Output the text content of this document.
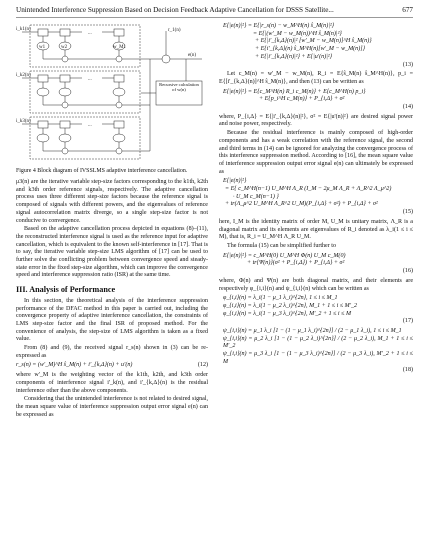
Unintended Interference Suppression Based on Decision Feedback Adaptive Cancellation for DSSS Satellite...	677
i_k1(n)
i_k2(n)
i_k3(n)
w1	w2	w_M1
...
...
...
r_1(n)
e(n)
Recursive calculation of w(n)

Figure 4 Block diagram of IVSSLMS adaptive interference cancellation.

μ3(n) are the iterative variable step-size factors corresponding to the k1th, k2th and k3th order reference signals, respectively. The adaptive cancellation process uses three different step-size factors because the reference signal is composed of signals with different powers, and the eigenvalues of reference signal autocorrelation matrix diverge, so a single step-size factor is not conducive to convergence.

Based on the adaptive cancellation process depicted in equations (8)–(11), the reconstructed interference signal is used as the reference input for adaptive cancellation, which is equivalent to the known self-interference in [17]. That is to say, the iterative variable step-size LMS algorithm of [17] can be used to further solve the conflicting problem between convergence speed and steady-state error in the fixed step-size algorithm, which can improve the convergence speed and interference suppression ratio (ISR) at the same time.

III. Analysis of Performance

In this section, the theoretical analysis of the interference suppression performance of the DFAC method in this paper is carried out, including the convergence property of adaptive interference cancellation, the constraints of LMS step-size factor and the final ISR of proposed method. For the convenience of analysis, the step-size of LMS algorithm is taken as a fixed value.

From (8) and (9), the received signal r_s(n) shown in (3) can be re-expressed as

r_s(n) = (w'_M)^H ŝ_M(n) + i'_{k,Δ}(n) + u'(n)	(12)

where w'_M is the weighting vector of the k1th, k2th, and k3th order components of interference signal i'_k(n), and i'_{k,Δ}(n) is the residual interference other than the above components.

Considering that the unintended interference is not related to desired signal, the mean square value of interference suppression output error signal e(n) can be expressed as

E{|e(n)|²} = E{|r_s(n) − w_M^H(n) ŝ_M(n)|²}
= E{|(w'_M − w_M(n))^H ŝ_M(n)|²}
+ E{|i'_{k,Δ}(n)|² [w'_M − w_M(n)]^H ŝ_M(n)}
+ E{i'_{k,Δ}(n) ŝ_M^H(n)[w'_M − w_M(n)]}
+ E{|i'_{k,Δ}(n)|²} + E{|u'(n)|²}
(13)

Let c_M(n) = w'_M − w_M(n), R_i = E{ŝ_M(n) ŝ_M^H(n)}, p_i = E{[i'_{k,Δ}(n)]^H ŝ_M(n)}, and then (13) can be written as

E{|e(n)|²} = E{c_M^H(n) R_i c_M(n)} + E{c_M^H(n) p_i}
+ E{p_i^H c_M(n)} + P_{i,Δ} + σ²
(14)

where, P_{i,Δ} = E{|i'_{k,Δ}(n)|²}, σ² = E{|u'(n)|²} are desired signal power and noise power, respectively.

Because the residual interference is mainly composed of high-order components and has a weak correlation with the reference signal, the second and third terms in (14) can be ignored for analyzing the convergence process of this interference suppression method. According to [16], the mean square value of interference suppression output error signal e(n) can ultimately be expressed as

E{|e(n)|²}
= E{ c_M^H(n−1) U_M^H Λ_R (I_M − 2μ_M Λ_R + Λ_R^2 Λ_μ^2)
· U_M c_M(n−1) }
+ tr(Λ_μ^2 U_M^H Λ_R^2 U_M)(P_{i,Δ} + σ²) + P_{i,Δ} + σ²
(15)

here, I_M is the identity matrix of order M, U_M is unitary matrix, Λ_R is a diagonal matrix and its elements are eigenvalues of R_i denoted as λ_i(1 ≤ i ≤ M), that is, R_i = U_M^H Λ_R U_M.

The formula (15) can be simplified further to

E{|e(n)|²} = c_M^H(0) U_M^H Φ(n) U_M c_M(0)
+ tr{Ψ(n)}(σ² + P_{i,Δ}) + P_{i,Δ} + σ²
(16)

where, Φ(n) and Ψ(n) are both diagonal matrix, and their elements are respectively φ_{i,i}(n) and ψ_{i,i}(n) which can be written as

φ_{i,i}(n) = λ_i(1 − μ_1 λ_i)^{2n}, 1 ≤ i ≤ M_1
φ_{i,i}(n) = λ_i(1 − μ_2 λ_i)^{2n}, M_1 + 1 ≤ i ≤ M'_2
φ_{i,i}(n) = λ_i(1 − μ_3 λ_i)^{2n}, M'_2 + 1 ≤ i ≤ M
(17)
ψ_{i,i}(n) = μ_1 λ_i [1 − (1 − μ_1 λ_i)^{2n}] / (2 − μ_1 λ_i), 1 ≤ i ≤ M_1
ψ_{i,i}(n) = μ_2 λ_i [1 − (1 − μ_2 λ_i)^{2n}] / (2 − μ_2 λ_i), M_1 + 1 ≤ i ≤ M'_2
ψ_{i,i}(n) = μ_3 λ_i [1 − (1 − μ_3 λ_i)^{2n}] / (2 − μ_3 λ_i), M'_2 + 1 ≤ i ≤ M
(18)
